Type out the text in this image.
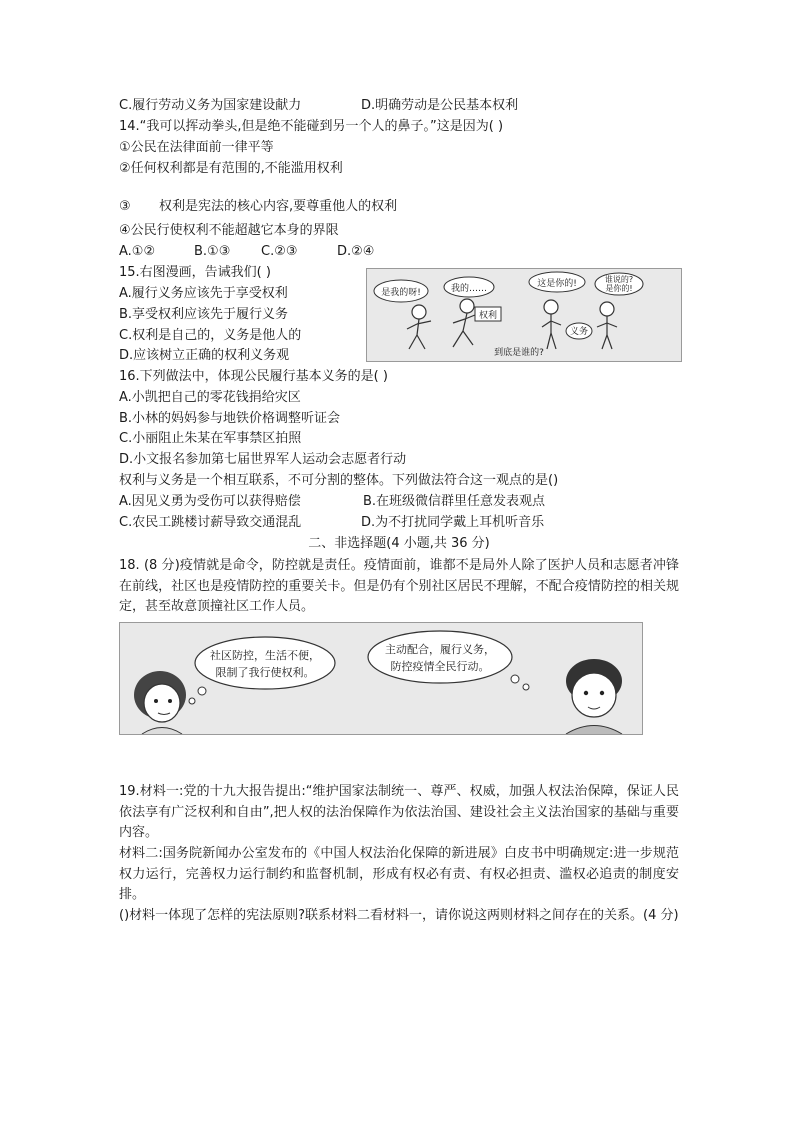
C.履行劳动义务为国家建设献力	D.明确劳动是公民基本权利
14.“我可以挥动拳头,但是绝不能碰到另一个人的鼻子。”这是因为( )
①公民在法律面前一律平等
②任何权利都是有范围的,不能滥用权利
③ 权利是宪法的核心内容,要尊重他人的权利
④公民行使权利不能超越它本身的界限
A.①②	B.①③ C.②③	D.②④
15.右图漫画，告诫我们( )
A.履行义务应该先于享受权利
B.享受权利应该先于履行义务
C.权利是自己的，义务是他人的
D.应该树立正确的权利义务观
是我的呀!	我的……	这是你的!	谁说的?
是你的!
权利
义务
到底是谁的?
16.下列做法中，体现公民履行基本义务的是( )
A.小凯把自己的零花钱捐给灾区
B.小林的妈妈参与地铁价格调整听证会
C.小丽阻止朱某在军事禁区拍照
D.小文报名参加第七届世界军人运动会志愿者行动
权利与义务是一个相互联系，不可分割的整体。下列做法符合这一观点的是()
A.因见义勇为受伤可以获得赔偿	B.在班级微信群里任意发表观点
C.农民工跳楼讨薪导致交通混乱	D.为不打扰同学戴上耳机听音乐
二、非选择题(4 小题,共 36 分)
18. (8 分)疫情就是命令，防控就是责任。疫情面前，谁都不是局外人除了医护人员和志愿者冲锋在前线，社区也是疫情防控的重要关卡。但是仍有个别社区居民不理解，不配合疫情防控的相关规定，甚至故意顶撞社区工作人员。
社区防控，生活不便，
限制了我行使权利。
主动配合，履行义务，
防控疫情全民行动。
19.材料一:党的十九大报告提出:“维护国家法制统一、尊严、权威，加强人权法治保障，保证人民依法享有广泛权利和自由”,把人权的法治保障作为依法治国、建设社会主义法治国家的基础与重要内容。
材料二:国务院新闻办公室发布的《中国人权法治化保障的新进展》白皮书中明确规定:进一步规范权力运行，完善权力运行制约和监督机制，形成有权必有责、有权必担责、滥权必追责的制度安排。
()材料一体现了怎样的宪法原则?联系材料二看材料一，请你说这两则材料之间存在的关系。(4 分)
